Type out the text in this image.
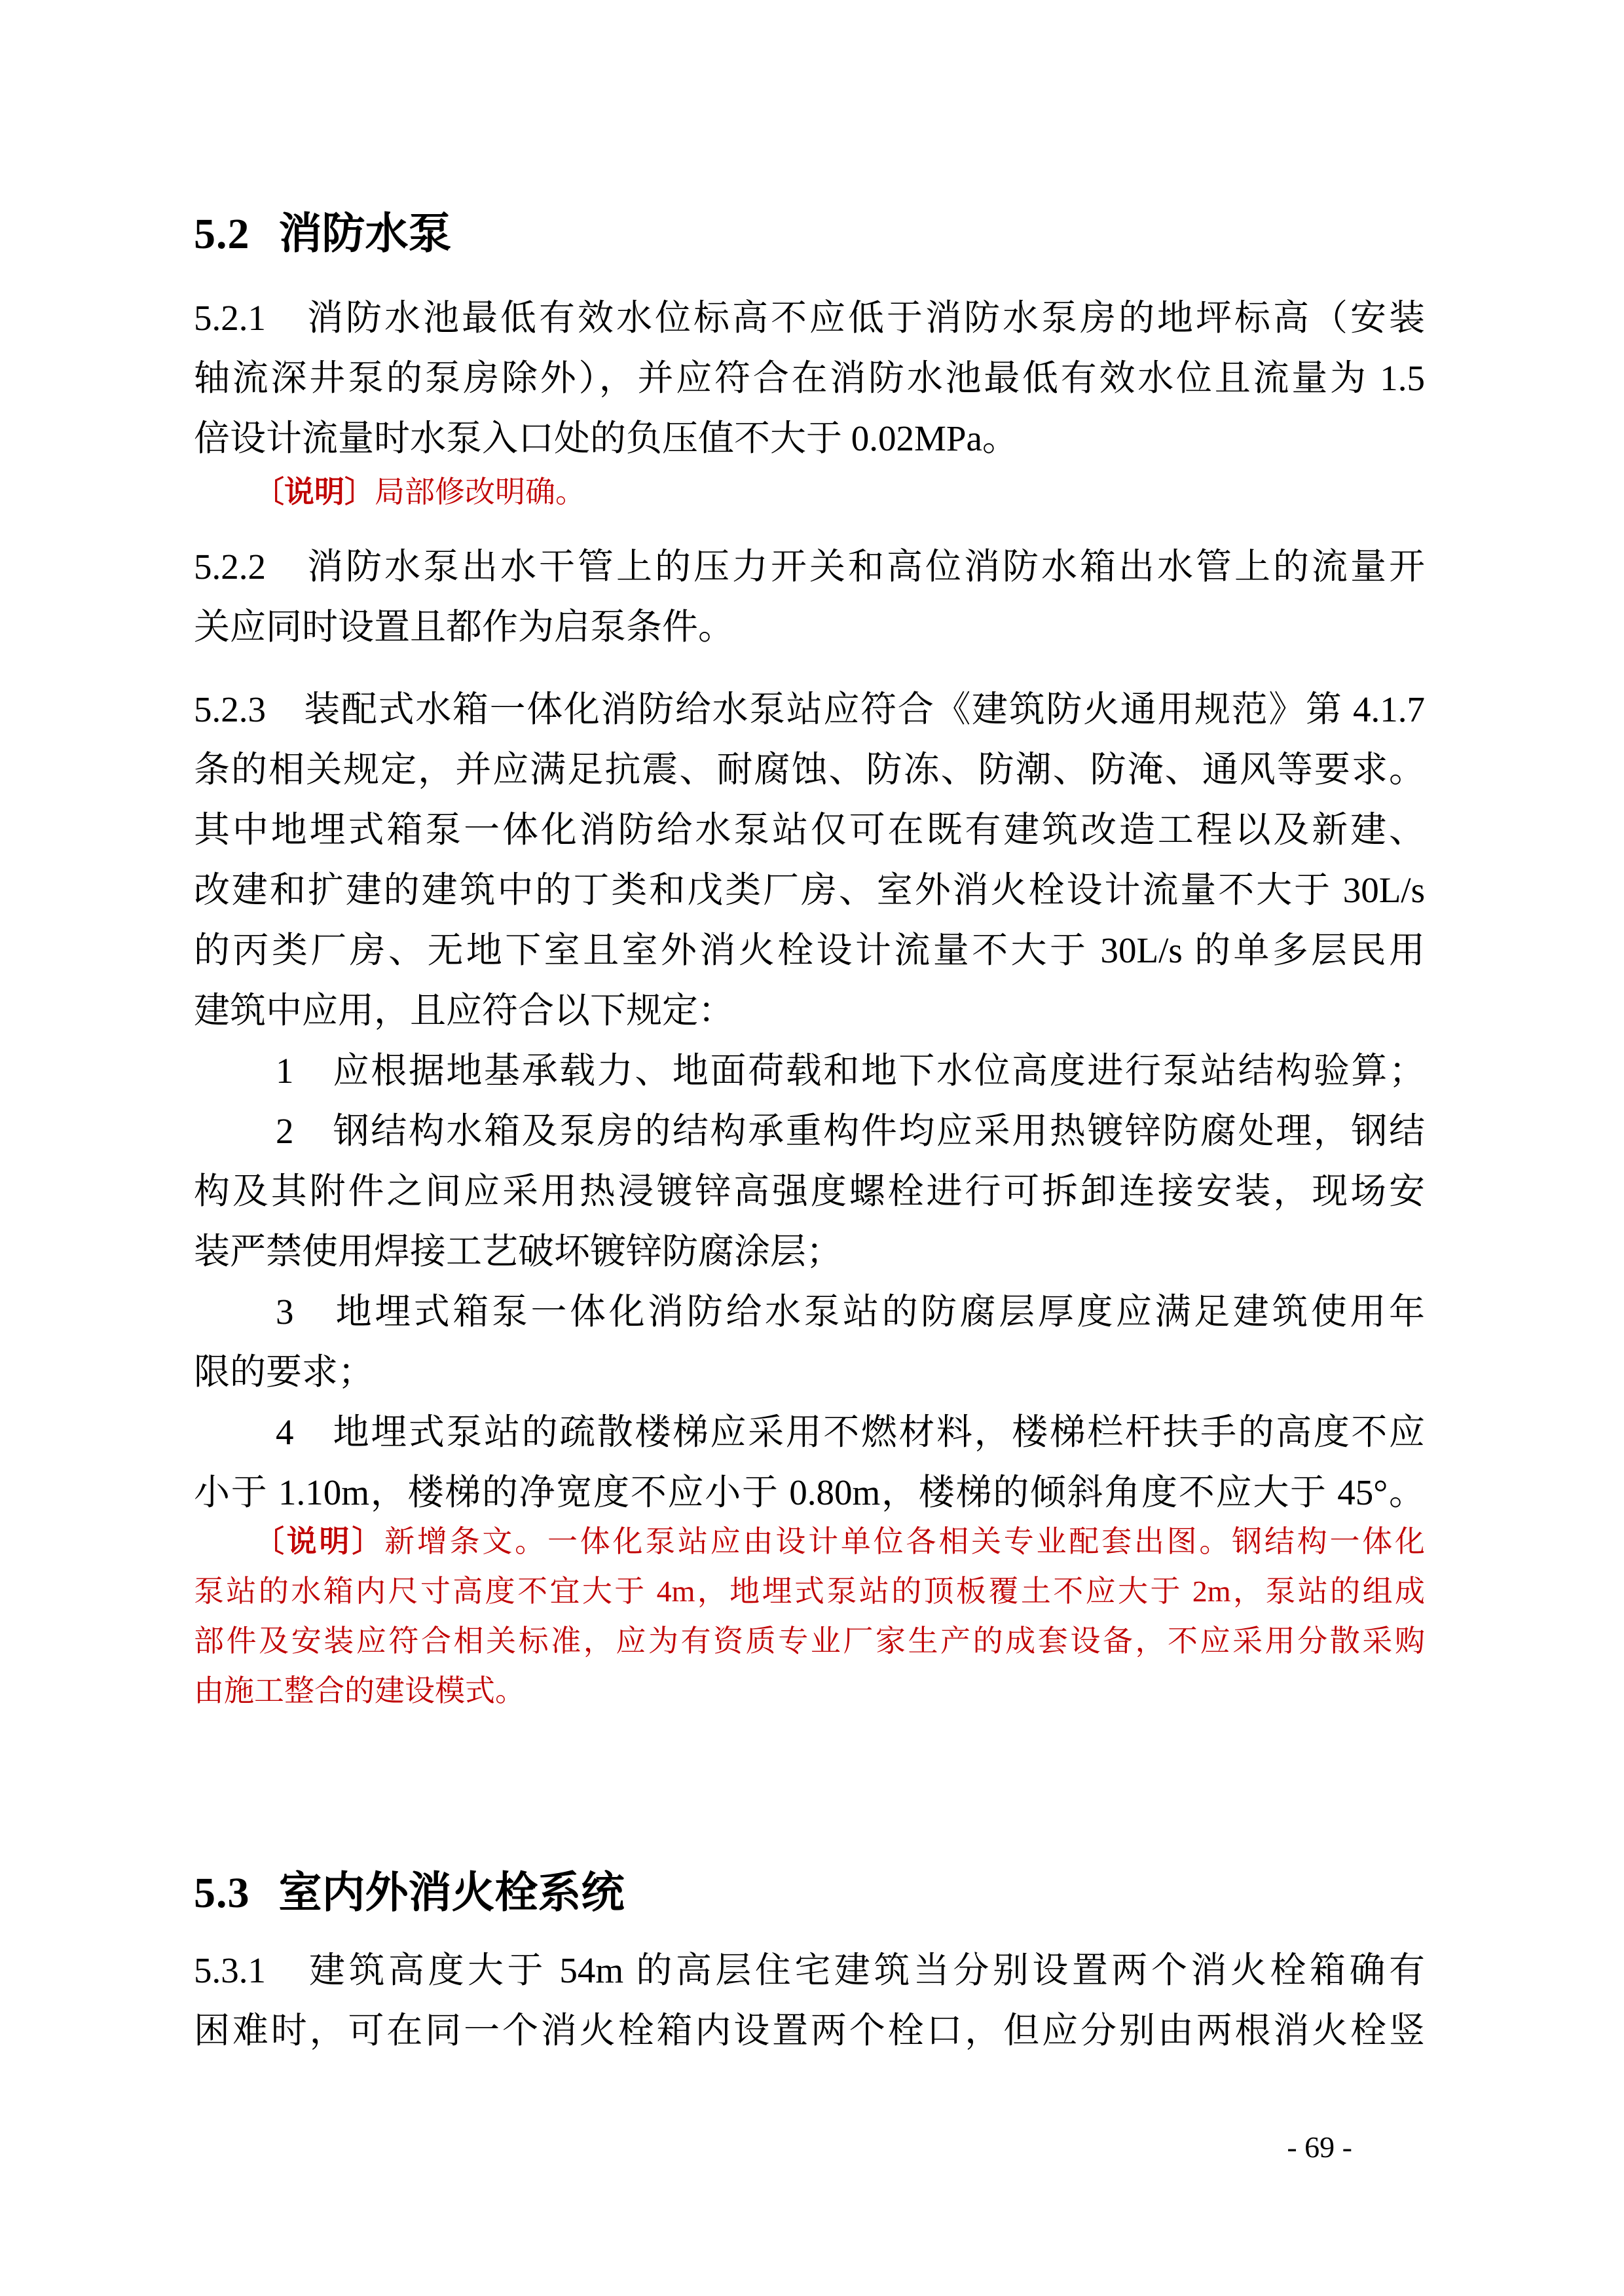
5.2 消防水泵
5.2.1　消防水池最低有效水位标高不应低于消防水泵房的地坪标高（安装
轴流深井泵的泵房除外），并应符合在消防水池最低有效水位且流量为 1.5
倍设计流量时水泵入口处的负压值不大于 0.02MPa。
〔说明〕局部修改明确。
5.2.2　消防水泵出水干管上的压力开关和高位消防水箱出水管上的流量开
关应同时设置且都作为启泵条件。
5.2.3　装配式水箱一体化消防给水泵站应符合《建筑防火通用规范》第 4.1.7
条的相关规定，并应满足抗震、耐腐蚀、防冻、防潮、防淹、通风等要求。
其中地埋式箱泵一体化消防给水泵站仅可在既有建筑改造工程以及新建、
改建和扩建的建筑中的丁类和戊类厂房、室外消火栓设计流量不大于 30L/s
的丙类厂房、无地下室且室外消火栓设计流量不大于 30L/s 的单多层民用
建筑中应用，且应符合以下规定：
1　应根据地基承载力、地面荷载和地下水位高度进行泵站结构验算；
2　钢结构水箱及泵房的结构承重构件均应采用热镀锌防腐处理，钢结
构及其附件之间应采用热浸镀锌高强度螺栓进行可拆卸连接安装，现场安
装严禁使用焊接工艺破坏镀锌防腐涂层；
3　地埋式箱泵一体化消防给水泵站的防腐层厚度应满足建筑使用年
限的要求；
4　地埋式泵站的疏散楼梯应采用不燃材料，楼梯栏杆扶手的高度不应
小于 1.10m，楼梯的净宽度不应小于 0.80m，楼梯的倾斜角度不应大于 45°。
〔说明〕新增条文。一体化泵站应由设计单位各相关专业配套出图。钢结构一体化
泵站的水箱内尺寸高度不宜大于 4m，地埋式泵站的顶板覆土不应大于 2m，泵站的组成
部件及安装应符合相关标准，应为有资质专业厂家生产的成套设备，不应采用分散采购
由施工整合的建设模式。
5.3 室内外消火栓系统
5.3.1　建筑高度大于 54m 的高层住宅建筑当分别设置两个消火栓箱确有
困难时，可在同一个消火栓箱内设置两个栓口，但应分别由两根消火栓竖
- 69 -
